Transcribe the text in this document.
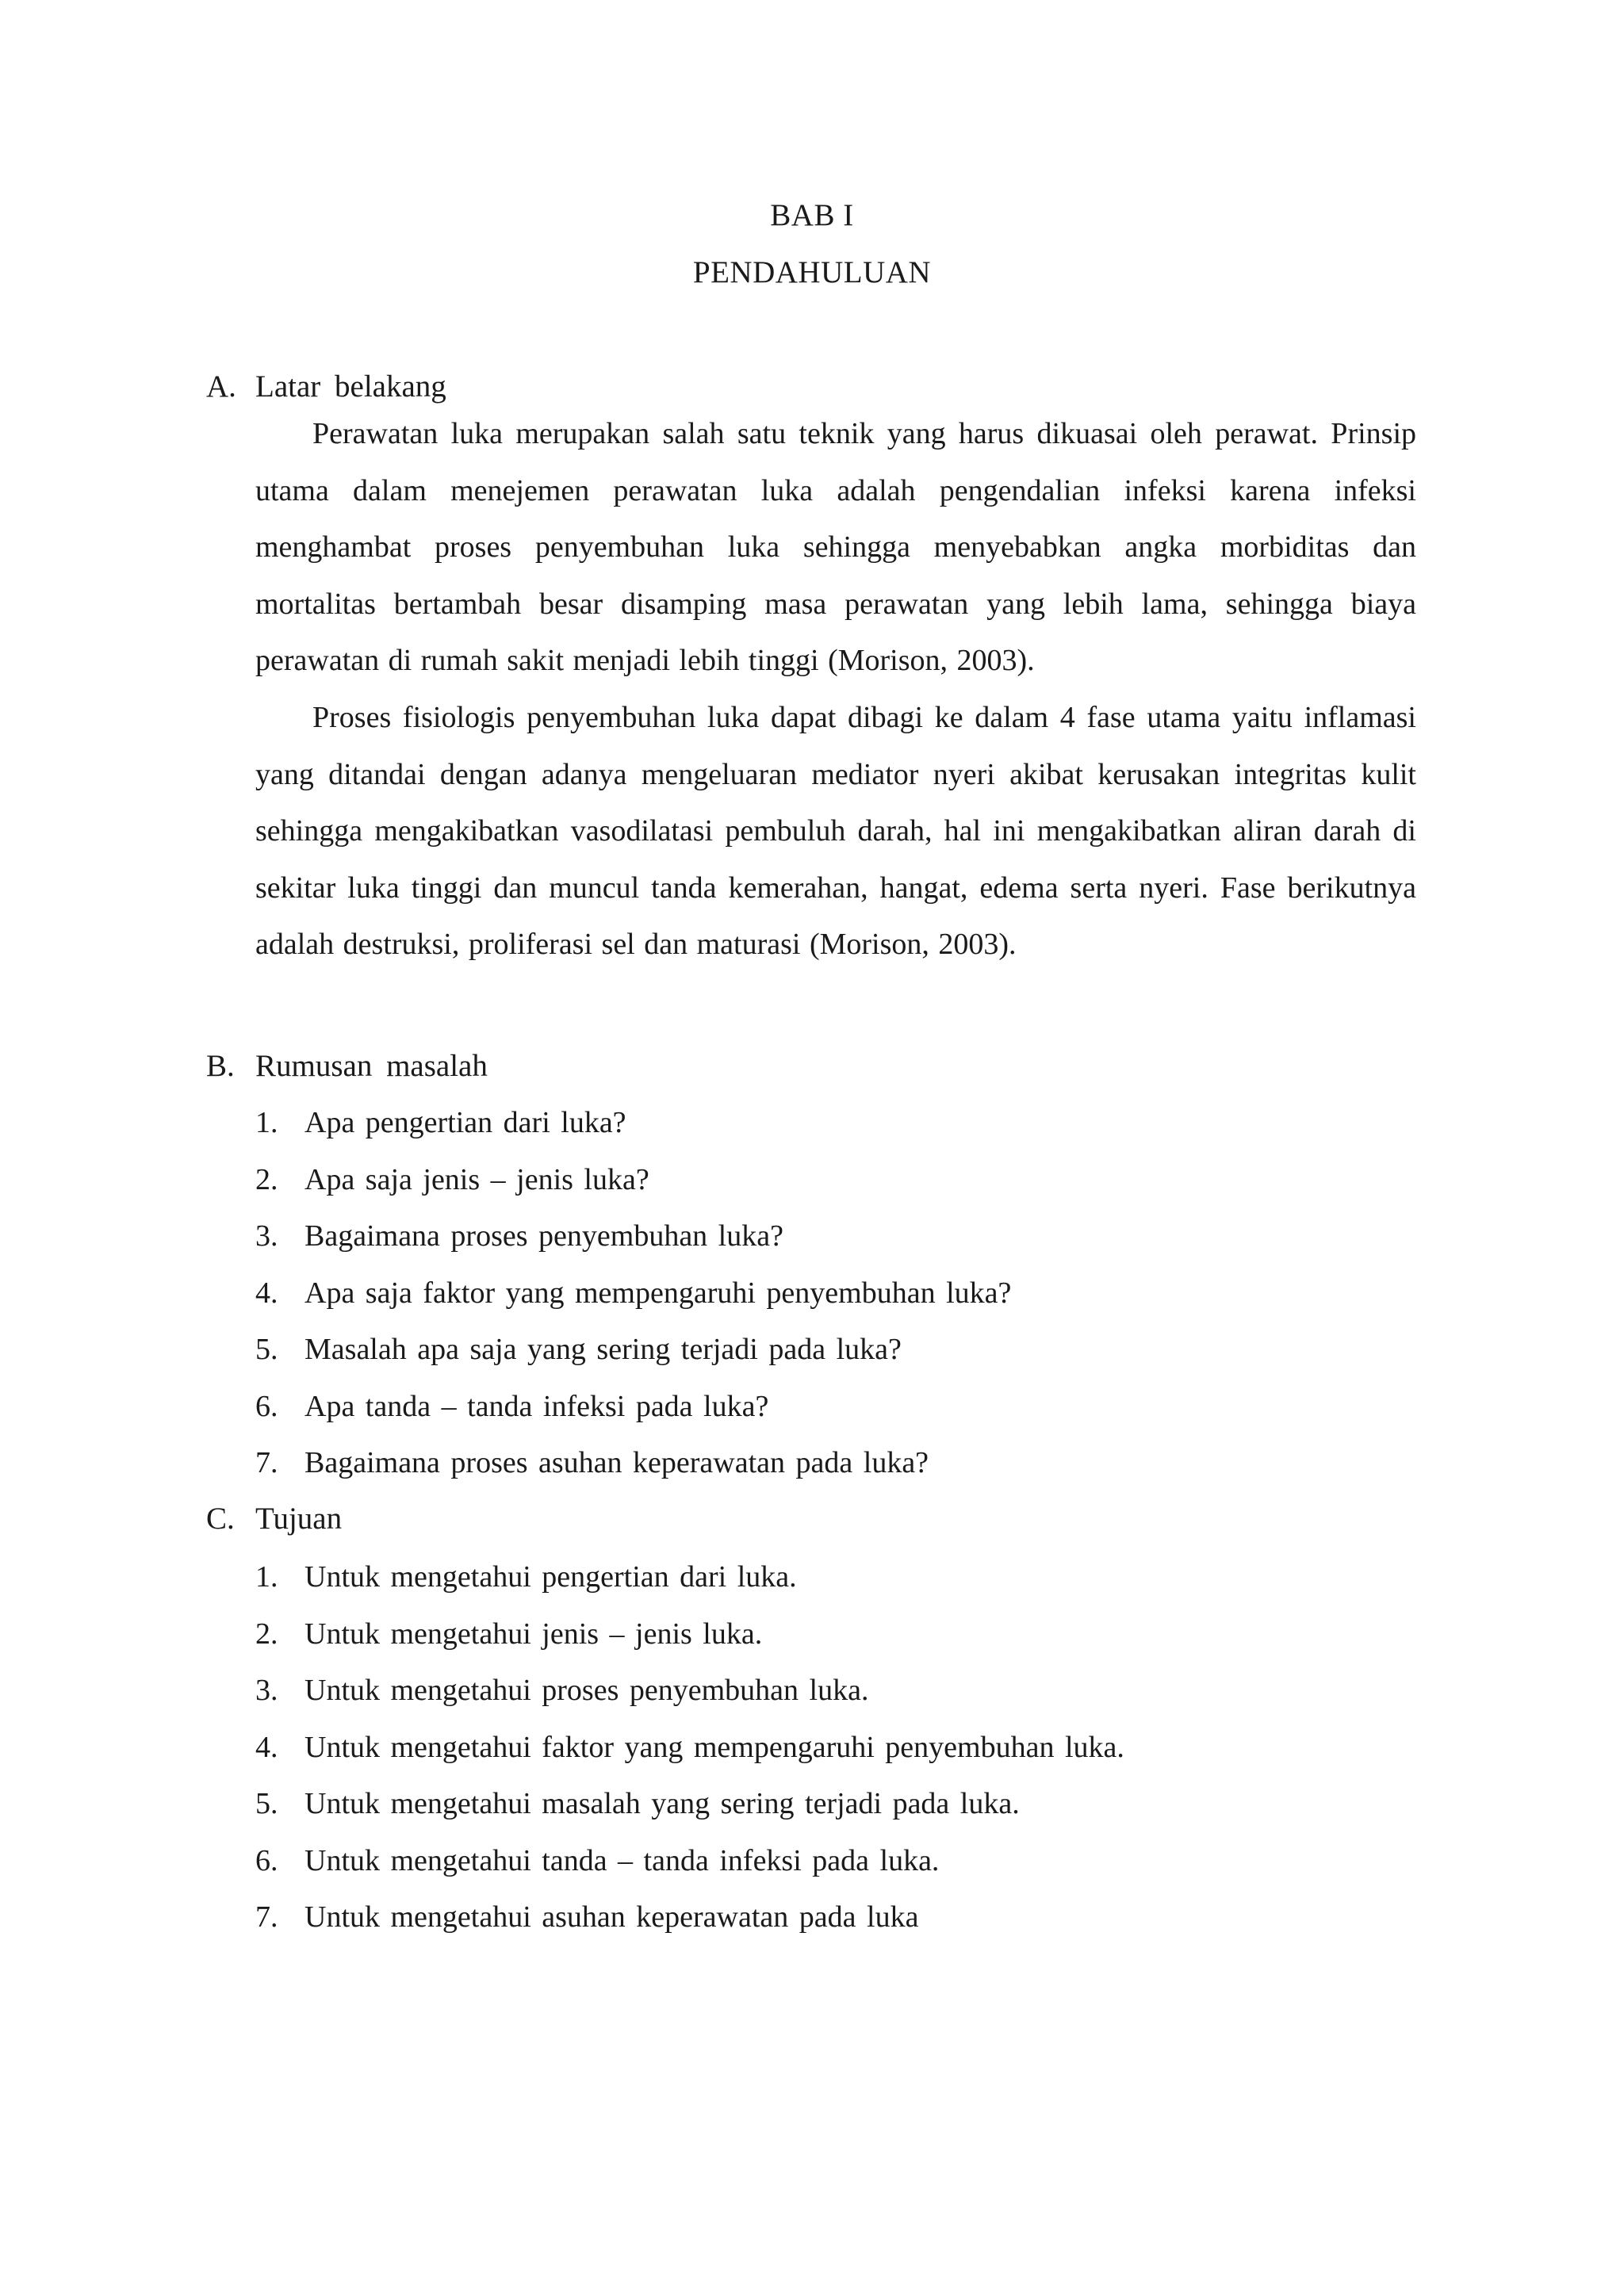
BAB I
PENDAHULUAN
A. Latar belakang

Perawatan luka merupakan salah satu teknik yang harus dikuasai oleh perawat. Prinsip utama dalam menejemen perawatan luka adalah pengendalian infeksi karena infeksi menghambat proses penyembuhan luka sehingga menyebabkan angka morbiditas dan mortalitas bertambah besar disamping masa perawatan yang lebih lama, sehingga biaya perawatan di rumah sakit menjadi lebih tinggi (Morison, 2003).

Proses fisiologis penyembuhan luka dapat dibagi ke dalam 4 fase utama yaitu inflamasi yang ditandai dengan adanya mengeluaran mediator nyeri akibat kerusakan integritas kulit sehingga mengakibatkan vasodilatasi pembuluh darah, hal ini mengakibatkan aliran darah di sekitar luka tinggi dan muncul tanda kemerahan, hangat, edema serta nyeri. Fase berikutnya adalah destruksi, proliferasi sel dan maturasi (Morison, 2003).

B. Rumusan masalah
1. Apa pengertian dari luka?
2. Apa saja jenis – jenis luka?
3. Bagaimana proses penyembuhan luka?
4. Apa saja faktor yang mempengaruhi penyembuhan luka?
5. Masalah apa saja yang sering terjadi pada luka?
6. Apa tanda – tanda infeksi pada luka?
7. Bagaimana proses asuhan keperawatan pada luka?
C. Tujuan
1. Untuk mengetahui pengertian dari luka.
2. Untuk mengetahui jenis – jenis luka.
3. Untuk mengetahui proses penyembuhan luka.
4. Untuk mengetahui faktor yang mempengaruhi penyembuhan luka.
5. Untuk mengetahui masalah yang sering terjadi pada luka.
6. Untuk mengetahui tanda – tanda infeksi pada luka.
7. Untuk mengetahui asuhan keperawatan pada luka
